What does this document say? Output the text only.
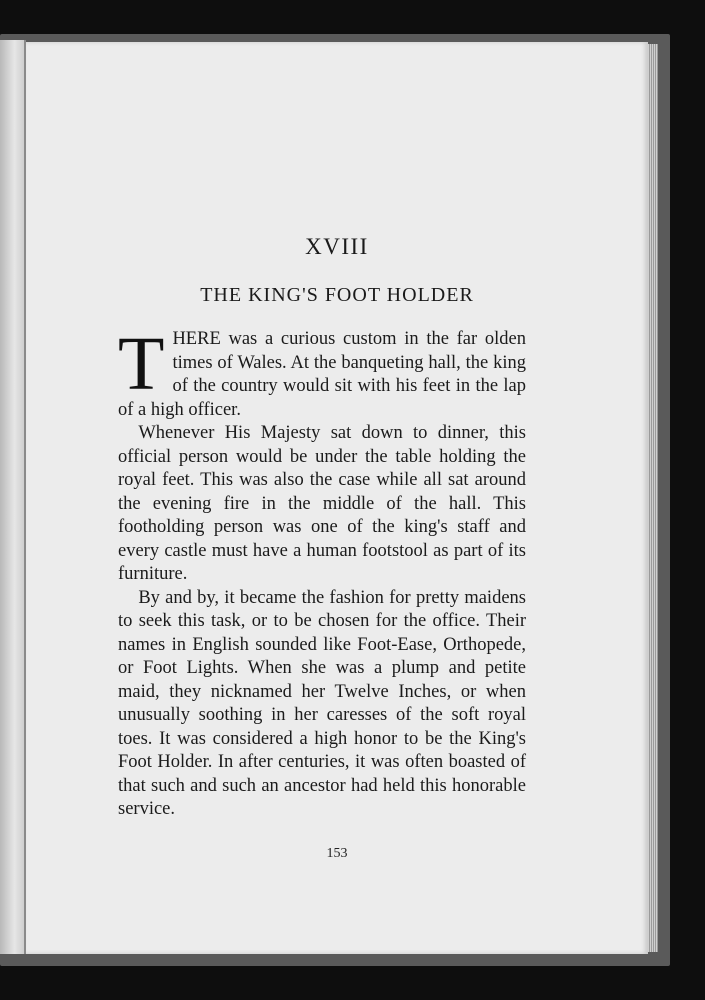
XVIII
THE KING'S FOOT HOLDER

THERE was a curious custom in the far olden times of Wales. At the banqueting hall, the king of the country would sit with his feet in the lap of a high officer.

Whenever His Majesty sat down to dinner, this official person would be under the table holding the royal feet. This was also the case while all sat around the evening fire in the middle of the hall. This footholding person was one of the king's staff and every castle must have a human footstool as part of its furniture.

By and by, it became the fashion for pretty maidens to seek this task, or to be chosen for the office. Their names in English sounded like Foot-Ease, Orthopede, or Foot Lights. When she was a plump and petite maid, they nicknamed her Twelve Inches, or when unusually soothing in her caresses of the soft royal toes. It was considered a high honor to be the King's Foot Holder. In after centuries, it was often boasted of that such and such an ancestor had held this honorable service.

153
